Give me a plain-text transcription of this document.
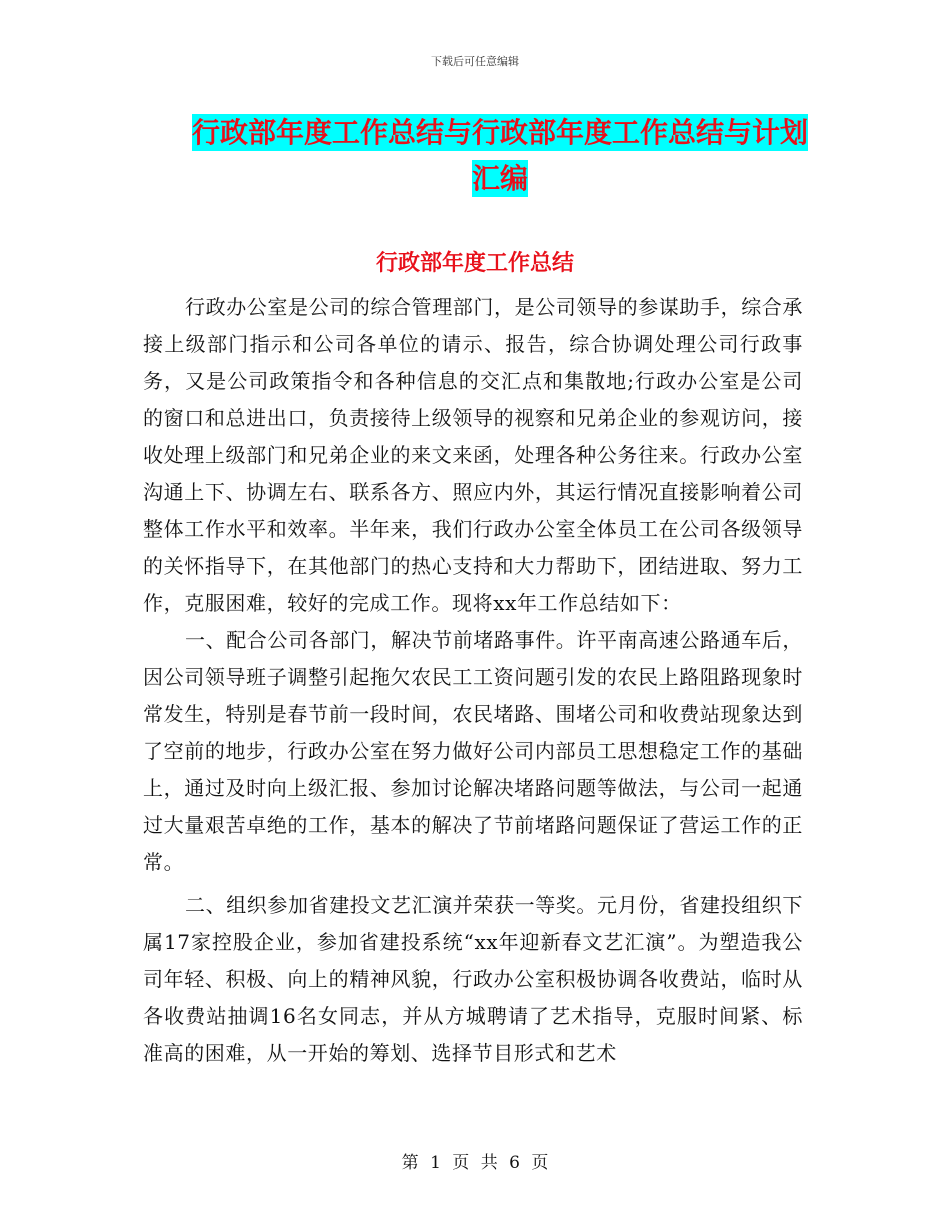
下载后可任意编辑
行政部年度工作总结与行政部年度工作总结与计划汇编
行政部年度工作总结

行政办公室是公司的综合管理部门，是公司领导的参谋助手，综合承接上级部门指示和公司各单位的请示、报告，综合协调处理公司行政事务，又是公司政策指令和各种信息的交汇点和集散地;行政办公室是公司的窗口和总进出口，负责接待上级领导的视察和兄弟企业的参观访问，接收处理上级部门和兄弟企业的来文来函，处理各种公务往来。行政办公室沟通上下、协调左右、联系各方、照应内外，其运行情况直接影响着公司整体工作水平和效率。半年来，我们行政办公室全体员工在公司各级领导的关怀指导下，在其他部门的热心支持和大力帮助下，团结进取、努力工作，克服困难，较好的完成工作。现将xx年工作总结如下：

一、配合公司各部门，解决节前堵路事件。许平南高速公路通车后，因公司领导班子调整引起拖欠农民工工资问题引发的农民上路阻路现象时常发生，特别是春节前一段时间，农民堵路、围堵公司和收费站现象达到了空前的地步，行政办公室在努力做好公司内部员工思想稳定工作的基础上，通过及时向上级汇报、参加讨论解决堵路问题等做法，与公司一起通过大量艰苦卓绝的工作，基本的解决了节前堵路问题保证了营运工作的正常。

二、组织参加省建投文艺汇演并荣获一等奖。元月份，省建投组织下属17家控股企业，参加省建投系统“xx年迎新春文艺汇演”。为塑造我公司年轻、积极、向上的精神风貌，行政办公室积极协调各收费站，临时从各收费站抽调16名女同志，并从方城聘请了艺术指导，克服时间紧、标准高的困难，从一开始的筹划、选择节目形式和艺术

第 1 页 共 6 页
